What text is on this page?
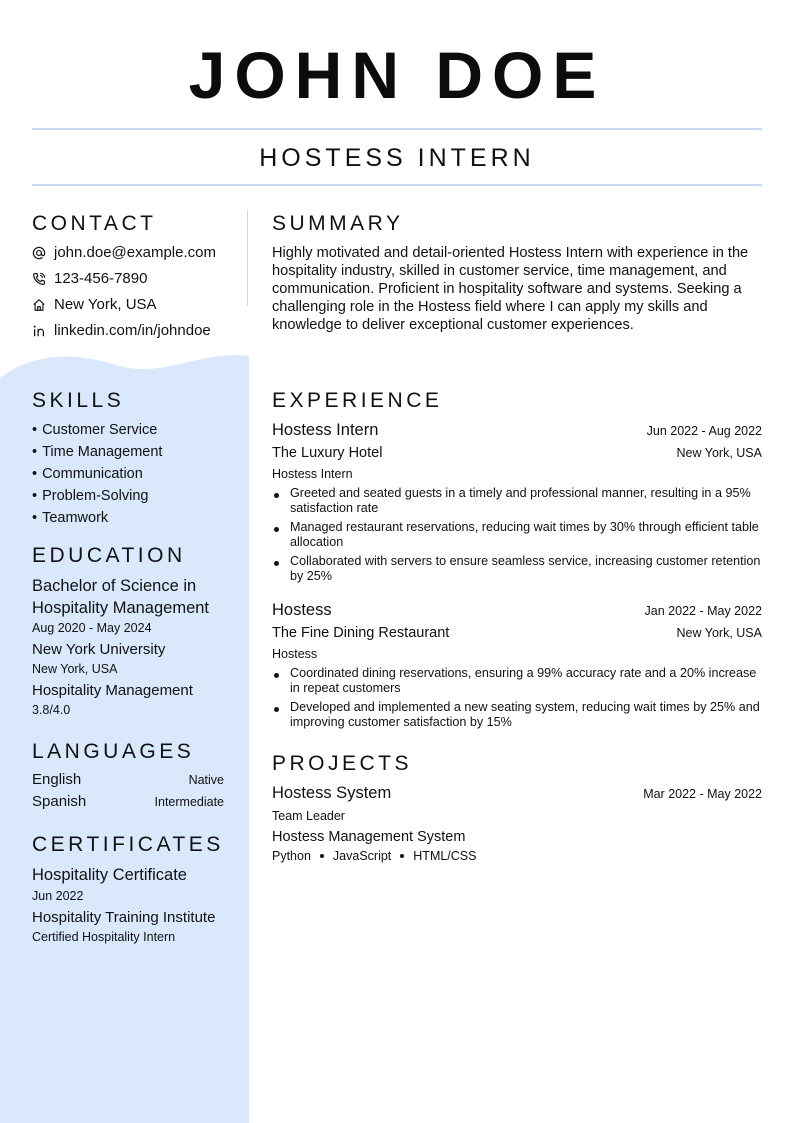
JOHN DOE
HOSTESS INTERN
CONTACT
john.doe@example.com
123-456-7890
New York, USA
linkedin.com/in/johndoe
SKILLS
• Customer Service
• Time Management
• Communication
• Problem-Solving
• Teamwork
EDUCATION
Bachelor of Science in Hospitality Management
Aug 2020 - May 2024
New York University
New York, USA
Hospitality Management
3.8/4.0
LANGUAGES
English	Native
Spanish	Intermediate
CERTIFICATES
Hospitality Certificate
Jun 2022
Hospitality Training Institute
Certified Hospitality Intern
SUMMARY

Highly motivated and detail-oriented Hostess Intern with experience in the hospitality industry, skilled in customer service, time management, and communication. Proficient in hospitality software and systems. Seeking a challenging role in the Hostess field where I can apply my skills and knowledge to deliver exceptional customer experiences.

EXPERIENCE
Hostess Intern	Jun 2022 - Aug 2022
The Luxury Hotel	New York, USA
Hostess Intern
Greeted and seated guests in a timely and professional manner, resulting in a 95% satisfaction rate
Managed restaurant reservations, reducing wait times by 30% through efficient table allocation
Collaborated with servers to ensure seamless service, increasing customer retention by 25%
Hostess	Jan 2022 - May 2022
The Fine Dining Restaurant	New York, USA
Hostess
Coordinated dining reservations, ensuring a 99% accuracy rate and a 20% increase in repeat customers
Developed and implemented a new seating system, reducing wait times by 25% and improving customer satisfaction by 15%
PROJECTS
Hostess System	Mar 2022 - May 2022
Team Leader
Hostess Management System
Python JavaScript HTML/CSS
